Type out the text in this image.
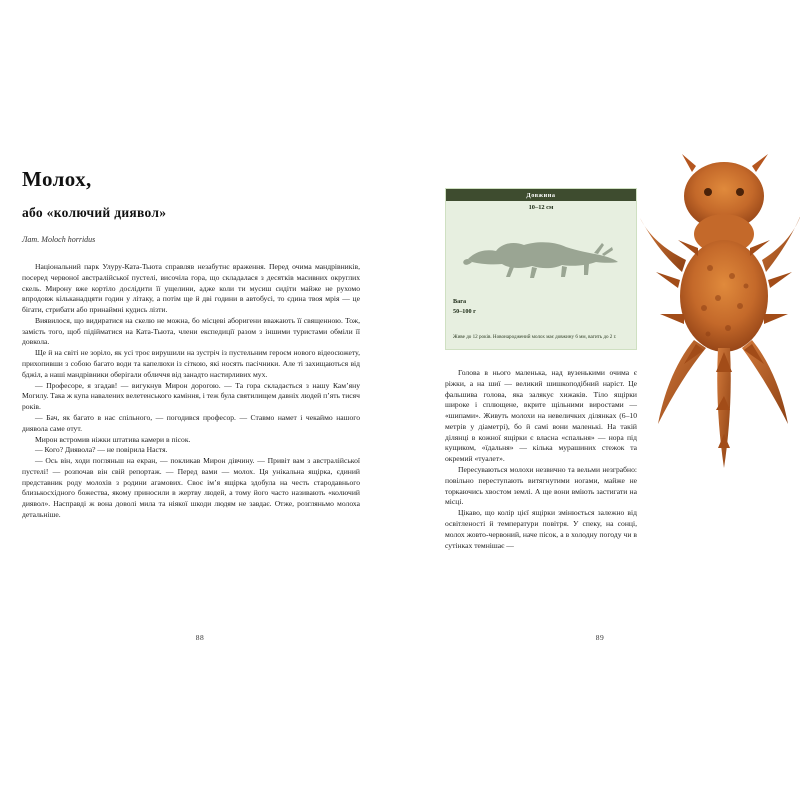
Молох,
або «колючий диявол»

Лат. Moloch horridus

Національний парк Улуру-Ката-Тьюта справляв незабутнє враження. Перед очима мандрівників, посеред червоної австралійської пустелі, височіла гора, що складалася з десятків масивних округлих скель. Мирону вже кортіло дослідити її ущелини, адже коли ти мусиш сидіти майже не рухомо впродовж кільканадцяти годин у літаку, а потім ще й дві години в автобусі, то єдина твоя мрія — це бігати, стрибати або принаймні кудись лізти.

Виявилося, що видиратися на скелю не можна, бо місцеві аборигени вважають її священною. Тож, замість того, щоб підійматися на Ката-Тьюта, члени експедиції разом з іншими туристами обміли її довкола.

Ще й на світі не зоріло, як усі троє вирушили на зустріч із пустельним героєм нового відеосюжету, прихопивши з собою багато води та капелюхи із сіткою, які носять пасічники. Але ті захищаються від бджіл, а наші мандрівники оберігали обличчя від занадто настирливих мух.

— Професоре, я згадав! — вигукнув Мирон дорогою. — Та гора складається з нашу Камʼяну Могилу. Така ж купа навалених велетенського каміння, і теж була святилищем давніх людей пʼять тисяч років.

— Бач, як багато в нас спільного, — погодився професор. — Ставмо намет і чекаймо нашого диявола саме отут.

Мирон встромив ніжки штатива камери в пісок.

— Кого? Диявола? — не повірила Настя.

— Ось він, ходи погляньш на екран, — покликав Мирон дівчину. — Привіт вам з австралійської пустелі! — розпочав він свій репортаж. — Перед вами — молох. Ця унікальна ящірка, єдиний представник роду молохів з родини агамових. Своє імʼя ящірка здобула на честь стародавнього близькосхідного божества, якому приносили в жертву людей, а тому його часто називають «колючий диявол». Насправді ж вона доволі мила та ніякої шкоди людям не завдає. Отже, розгляньмо молоха детальніше.

88
Довжина
10–12 см
Вага
50–100 г
Живе до 12 років. Новонароджений молох має довжину 6 мм, вагить до 2 г.

Голова в нього маленька, над вузенькими очима є ріжки, а на шиї — великий шишкоподібний наріст. Це фальшива голова, яка залякує хижаків. Тіло ящірки широке і сплющене, вкрите щільними виростами — «шипами». Живуть молохи на невеличких ділянках (6–10 метрів у діаметрі), бо й самі вони маленькі. На такій ділянці в кожної ящірки є власна «спальня» — нора під кущиком, «їдальня» — кілька мурашиних стежок та окремий «туалет».

Пересуваються молохи незвично та вельми незграбно: повільно переступають витягнутими ногами, майже не торкаючись хвостом землі. А ще вони вміють застигати на місці.

Цікаво, що колір цієї ящірки змінюється залежно від освітленості й температури повітря. У спеку, на сонці, молох жовто-червоний, наче пісок, а в холодну погоду чи в сутінках темнішає —

89
